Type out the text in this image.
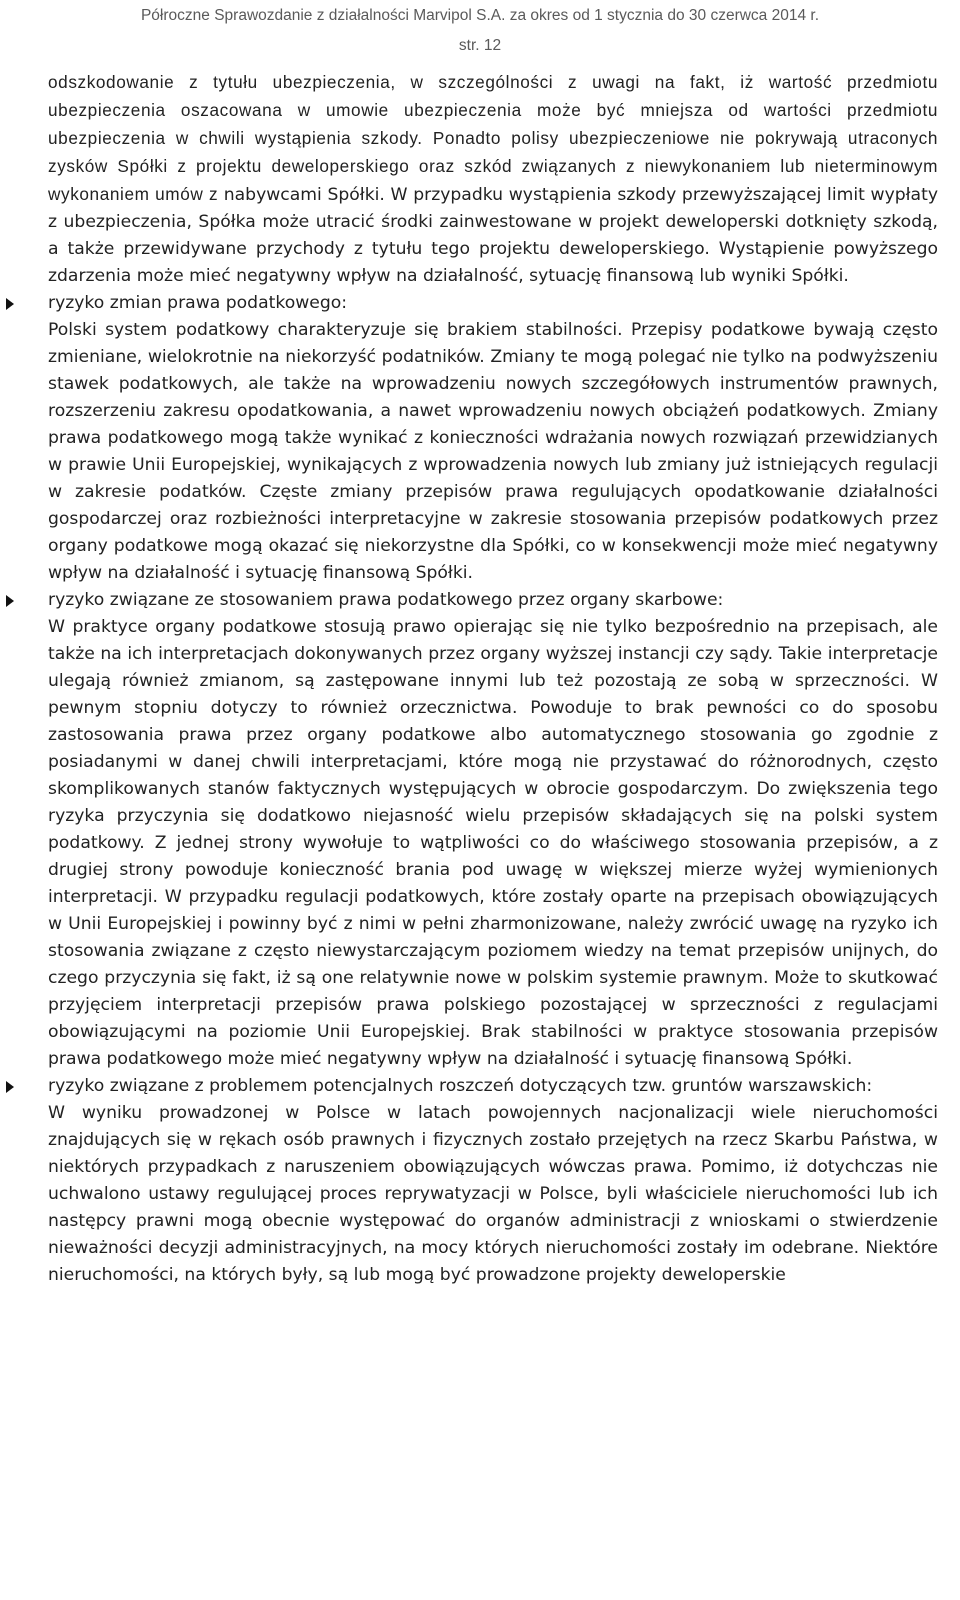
Półroczne Sprawozdanie z działalności Marvipol S.A. za okres od 1 stycznia do 30 czerwca 2014 r.
str. 12

odszkodowanie z tytułu ubezpieczenia, w szczególności z uwagi na fakt, iż wartość przedmiotu ubezpieczenia oszacowana w umowie ubezpieczenia może być mniejsza od wartości przedmiotu ubezpieczenia w chwili wystąpienia szkody. Ponadto polisy ubezpieczeniowe nie pokrywają utraconych zysków Spółki z projektu deweloperskiego oraz szkód związanych z niewykonaniem lub nieterminowym wykonaniem umów z nabywcami Spółki. W przypadku wystąpienia szkody przewyższającej limit wypłaty z ubezpieczenia, Spółka może utracić środki zainwestowane w projekt deweloperski dotknięty szkodą, a także przewidywane przychody z tytułu tego projektu deweloperskiego. Wystąpienie powyższego zdarzenia może mieć negatywny wpływ na działalność, sytuację finansową lub wyniki Spółki.

ryzyko zmian prawa podatkowego:

Polski system podatkowy charakteryzuje się brakiem stabilności. Przepisy podatkowe bywają często zmieniane, wielokrotnie na niekorzyść podatników. Zmiany te mogą polegać nie tylko na podwyższeniu stawek podatkowych, ale także na wprowadzeniu nowych szczegółowych instrumentów prawnych, rozszerzeniu zakresu opodatkowania, a nawet wprowadzeniu nowych obciążeń podatkowych. Zmiany prawa podatkowego mogą także wynikać z konieczności wdrażania nowych rozwiązań przewidzianych w prawie Unii Europejskiej, wynikających z wprowadzenia nowych lub zmiany już istniejących regulacji w zakresie podatków. Częste zmiany przepisów prawa regulujących opodatkowanie działalności gospodarczej oraz rozbieżności interpretacyjne w zakresie stosowania przepisów podatkowych przez organy podatkowe mogą okazać się niekorzystne dla Spółki, co w konsekwencji może mieć negatywny wpływ na działalność i sytuację finansową Spółki.

ryzyko związane ze stosowaniem prawa podatkowego przez organy skarbowe:

W praktyce organy podatkowe stosują prawo opierając się nie tylko bezpośrednio na przepisach, ale także na ich interpretacjach dokonywanych przez organy wyższej instancji czy sądy. Takie interpretacje ulegają również zmianom, są zastępowane innymi lub też pozostają ze sobą w sprzeczności. W pewnym stopniu dotyczy to również orzecznictwa. Powoduje to brak pewności co do sposobu zastosowania prawa przez organy podatkowe albo automatycznego stosowania go zgodnie z posiadanymi w danej chwili interpretacjami, które mogą nie przystawać do różnorodnych, często skomplikowanych stanów faktycznych występujących w obrocie gospodarczym. Do zwiększenia tego ryzyka przyczynia się dodatkowo niejasność wielu przepisów składających się na polski system podatkowy. Z jednej strony wywołuje to wątpliwości co do właściwego stosowania przepisów, a z drugiej strony powoduje konieczność brania pod uwagę w większej mierze wyżej wymienionych interpretacji. W przypadku regulacji podatkowych, które zostały oparte na przepisach obowiązujących w Unii Europejskiej i powinny być z nimi w pełni zharmonizowane, należy zwrócić uwagę na ryzyko ich stosowania związane z często niewystarczającym poziomem wiedzy na temat przepisów unijnych, do czego przyczynia się fakt, iż są one relatywnie nowe w polskim systemie prawnym. Może to skutkować przyjęciem interpretacji przepisów prawa polskiego pozostającej w sprzeczności z regulacjami obowiązującymi na poziomie Unii Europejskiej. Brak stabilności w praktyce stosowania przepisów prawa podatkowego może mieć negatywny wpływ na działalność i sytuację finansową Spółki.

ryzyko związane z problemem potencjalnych roszczeń dotyczących tzw. gruntów warszawskich:

W wyniku prowadzonej w Polsce w latach powojennych nacjonalizacji wiele nieruchomości znajdujących się w rękach osób prawnych i fizycznych zostało przejętych na rzecz Skarbu Państwa, w niektórych przypadkach z naruszeniem obowiązujących wówczas prawa. Pomimo, iż dotychczas nie uchwalono ustawy regulującej proces reprywatyzacji w Polsce, byli właściciele nieruchomości lub ich następcy prawni mogą obecnie występować do organów administracji z wnioskami o stwierdzenie nieważności decyzji administracyjnych, na mocy których nieruchomości zostały im odebrane. Niektóre nieruchomości, na których były, są lub mogą być prowadzone projekty deweloperskie
